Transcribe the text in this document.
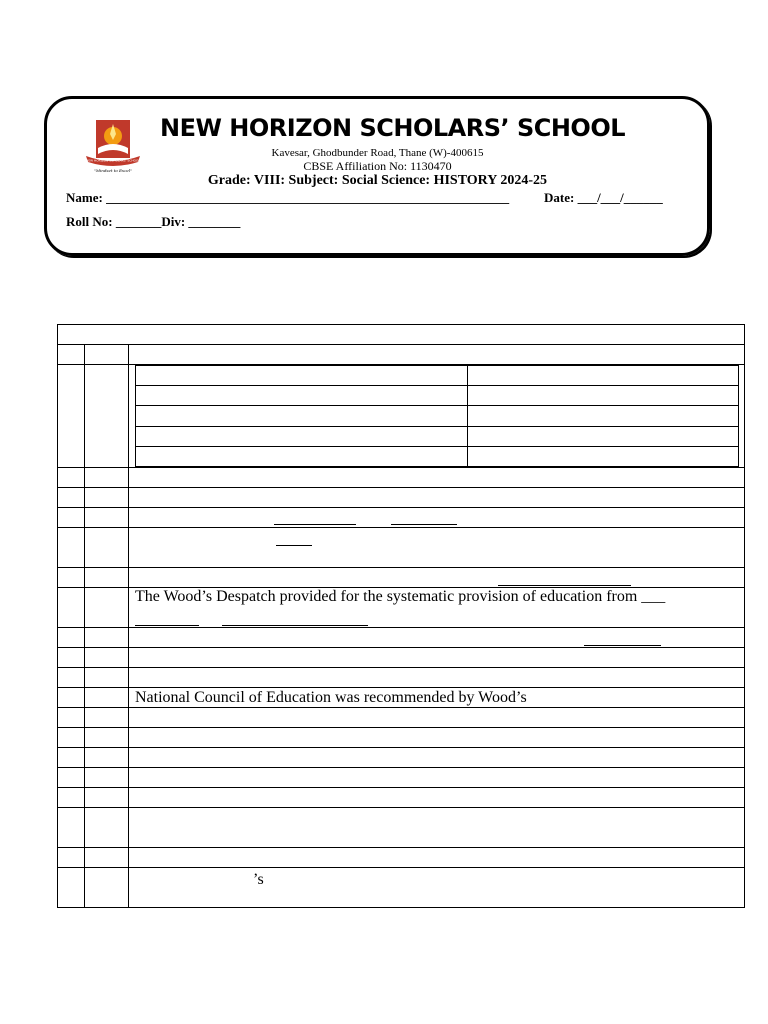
NEW HORIZON SCHOLARS' SCHOOL
"Mindset to Excel"
NEW HORIZON SCHOLARS’ SCHOOL
Kavesar, Ghodbunder Road, Thane (W)-400615
CBSE Affiliation No: 1130470
Grade: VIII: Subject: Social Science: HISTORY 2024-25
Name: ______________________________________________________________	Date: ___/___/______
Roll No: _______Div: ________
The Wood’s Despatch provided for the systematic provision of education from ___
National Council of Education was recommended by Wood’s
’s
